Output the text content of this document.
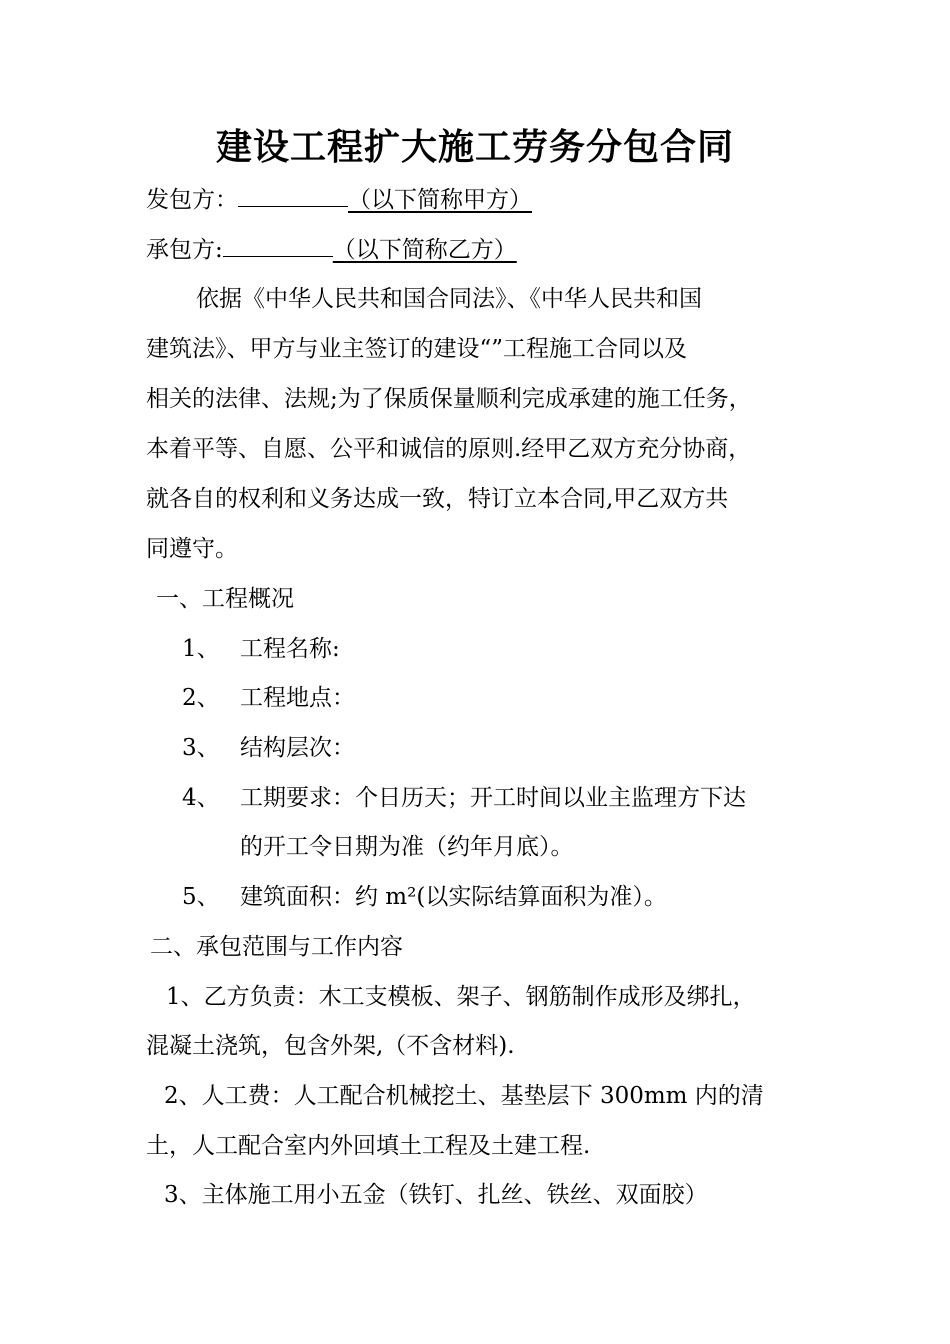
建设工程扩大施工劳务分包合同
发包方：	（以下简称甲方）
承包方:	（以下简称乙方）
依据《中华人民共和国合同法》、《中华人民共和国
建筑法》、甲方与业主签订的建设“”工程施工合同以及
相关的法律、法规;为了保质保量顺利完成承建的施工任务，
本着平等、自愿、公平和诚信的原则.经甲乙双方充分协商，
就各自的权利和义务达成一致，特订立本合同,甲乙双方共
同遵守。
一、工程概况
1、 工程名称:
2、 工程地点：
3、 结构层次：
4、 工期要求：个日历天；开工时间以业主监理方下达
的开工令日期为准（约年月底）。
5、 建筑面积：约 m²(以实际结算面积为准）。
二、承包范围与工作内容
1、乙方负责：木工支模板、架子、钢筋制作成形及绑扎，
混凝土浇筑，包含外架,（不含材料).
2、人工费：人工配合机械挖土、基垫层下 300mm 内的清
土，人工配合室内外回填土工程及土建工程.
3、主体施工用小五金（铁钉、扎丝、铁丝、双面胶）
